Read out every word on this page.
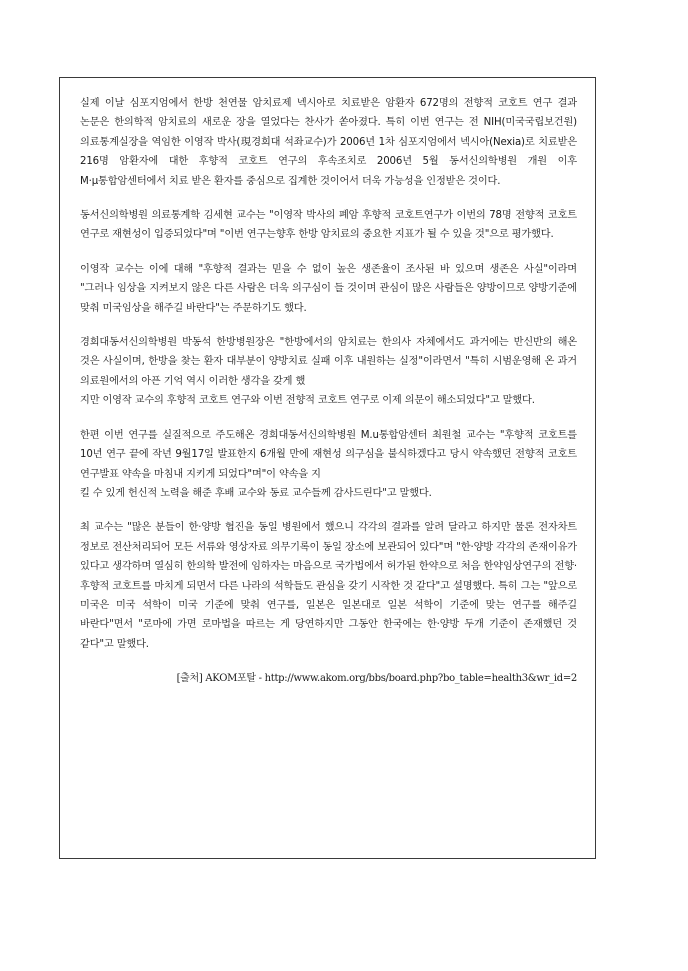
실제 이날 심포지엄에서 한방 천연물 암치료제 넥시아로 치료받은 암환자 672명의 전향적 코호트 연구 결과 논문은 한의학적 암치료의 새로운 장을 열었다는 찬사가 쏟아졌다. 특히 이번 연구는 전 NIH(미국국립보건원) 의료통계실장을 역임한 이영작 박사(現경희대 석좌교수)가 2006년 1차 심포지엄에서 넥시아(Nexia)로 치료받은 216명 암환자에 대한 후향적 코호트 연구의 후속조치로 2006년 5월 동서신의학병원 개원 이후 M·μ통합암센터에서 치료 받은 환자를 중심으로 집계한 것이어서 더욱 가능성을 인정받은 것이다.

동서신의학병원 의료통계학 김세현 교수는 "이영작 박사의 폐암 후향적 코호트연구가 이번의 78명 전향적 코호트 연구로 재현성이 입증되었다"며 "이번 연구는향후 한방 암치료의 중요한 지표가 될 수 있을 것"으로 평가했다.

이영작 교수는 이에 대해 "후향적 결과는 믿을 수 없이 높은 생존율이 조사된 바 있으며 생존은 사실"이라며 "그러나 임상을 지켜보지 않은 다른 사람은 더욱 의구심이 들 것이며 관심이 많은 사람들은 양방이므로 양방기준에 맞춰 미국임상을 해주길 바란다"는 주문하기도 했다.

경희대동서신의학병원 박동석 한방병원장은 "한방에서의 암치료는 한의사 자체에서도 과거에는 반신반의 해온 것은 사실이며, 한방을 찾는 환자 대부분이 양방치료 실패 이후 내원하는 실정"이라면서 "특히 시범운영해 온 과거 의료원에서의 아픈 기억 역시 이러한 생각을 갖게 했
지만 이영작 교수의 후향적 코호트 연구와 이번 전향적 코호트 연구로 이제 의문이 해소되었다"고 말했다.

한편 이번 연구를 실질적으로 주도해온 경희대동서신의학병원 M.u통합암센터 최원철 교수는 "후향적 코호트를 10년 연구 끝에 작년 9월17일 발표한지 6개월 만에 재현성 의구심을 불식하겠다고 당시 약속했던 전향적 코호트 연구발표 약속을 마침내 지키게 되었다"며"이 약속을 지
킬 수 있게 헌신적 노력을 해준 후배 교수와 동료 교수들께 감사드린다"고 말했다.

최 교수는 "많은 분들이 한·양방 협진을 동일 병원에서 했으니 각각의 결과를 알려 달라고 하지만 물론 전자차트 정보로 전산처리되어 모든 서류와 영상자료 의무기록이 동일 장소에 보관되어 있다"며 "한·양방 각각의 존재이유가 있다고 생각하며 열심히 한의학 발전에 임하자는 마음으로 국가법에서 허가된 한약으로 처음 한약임상연구의 전향·후향적 코호트를 마치게 되면서 다른 나라의 석학들도 관심을 갖기 시작한 것 같다"고 설명했다. 특히 그는 "앞으로 미국은 미국 석학이 미국 기준에 맞춰 연구를, 일본은 일본대로 일본 석학이 기준에 맞는 연구를 해주길 바란다"면서 "로마에 가면 로마법을 따르는 게 당연하지만 그동안 한국에는 한·양방 두개 기준이 존재했던 것 같다"고 말했다.

[출처] AKOM포탈 - http://www.akom.org/bbs/board.php?bo_table=health3&wr_id=2
